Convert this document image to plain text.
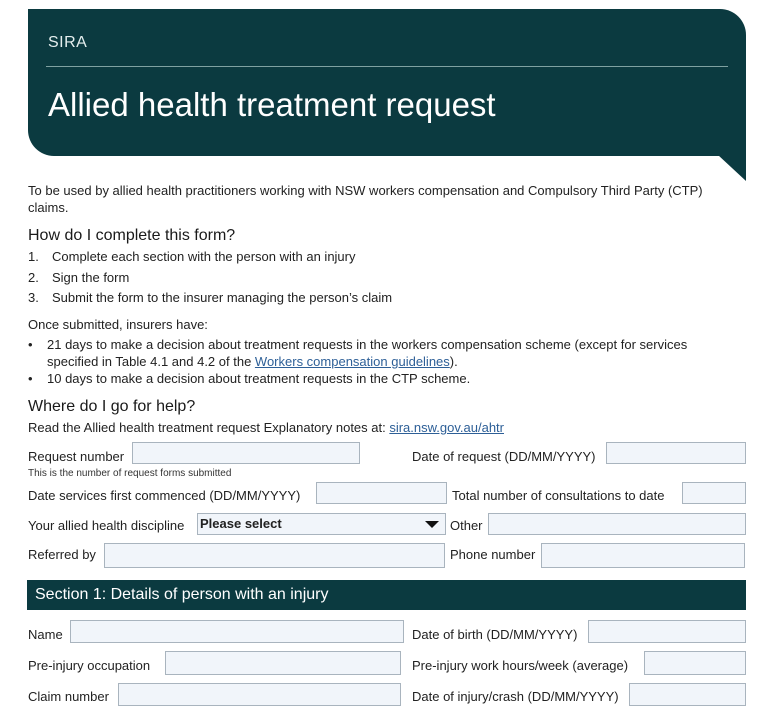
SIRA
Allied health treatment request
To be used by allied health practitioners working with NSW workers compensation and Compulsory Third Party (CTP)
claims.
How do I complete this form?
1. Complete each section with the person with an injury
2. Sign the form
3. Submit the form to the insurer managing the person’s claim
Once submitted, insurers have:
• 21 days to make a decision about treatment requests in the workers compensation scheme (except for services
specified in Table 4.1 and 4.2 of the Workers compensation guidelines).
• 10 days to make a decision about treatment requests in the CTP scheme.
Where do I go for help?
Read the Allied health treatment request Explanatory notes at: sira.nsw.gov.au/ahtr
Request number
This is the number of request forms submitted
Date of request (DD/MM/YYYY)
Date services first commenced (DD/MM/YYYY)	Total number of consultations to date
Your allied health discipline Please select	Other
Referred by	Phone number
Section 1: Details of person with an injury
Name	Date of birth (DD/MM/YYYY)
Pre-injury occupation	Pre-injury work hours/week (average)
Claim number	Date of injury/crash (DD/MM/YYYY)
